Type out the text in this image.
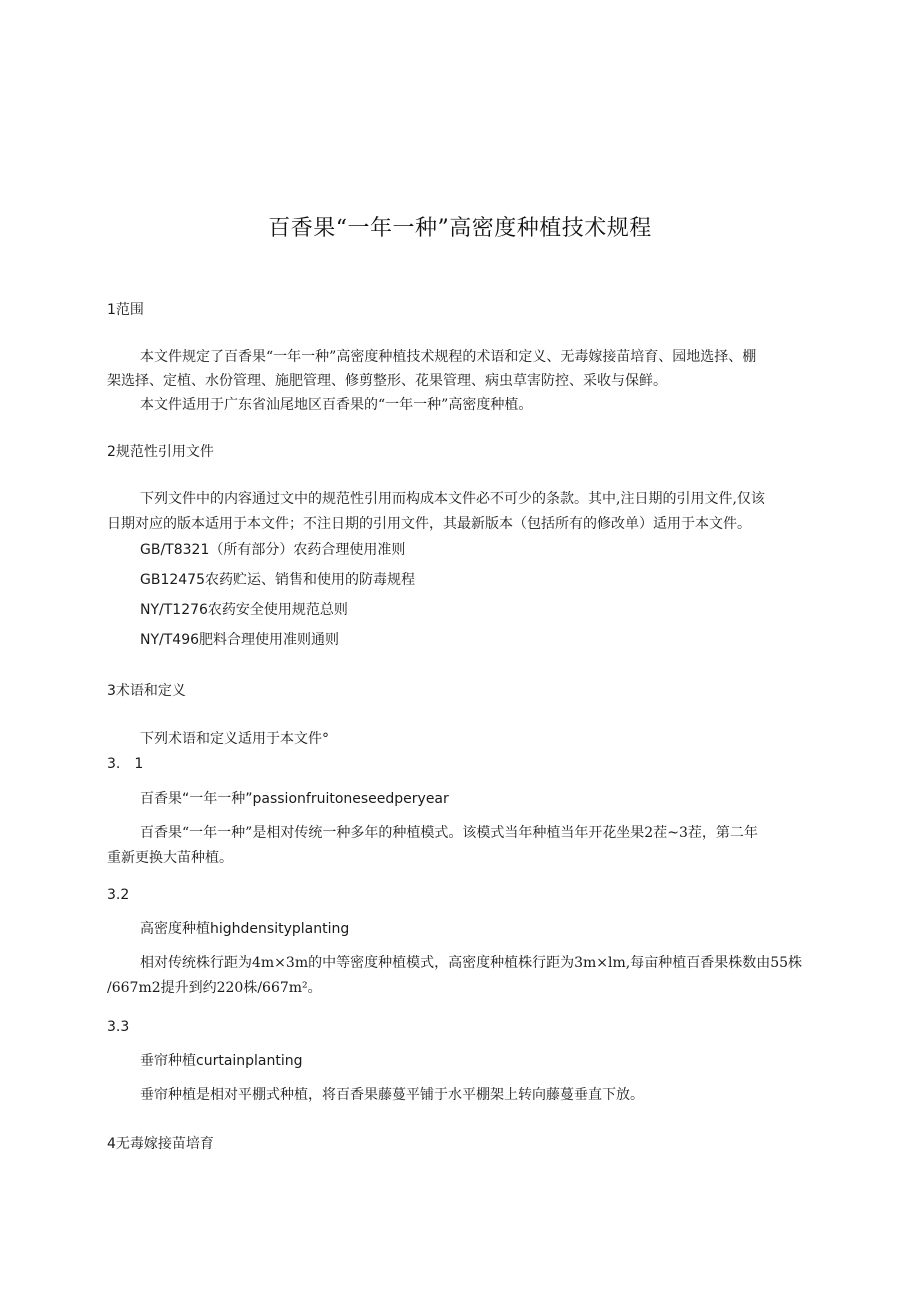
百香果“一年一种”高密度种植技术规程
1范围
本文件规定了百香果“一年一种”高密度种植技术规程的术语和定义、无毒嫁接苗培育、园地选择、棚
架选择、定植、水份管理、施肥管理、修剪整形、花果管理、病虫草害防控、采收与保鲜。
本文件适用于广东省汕尾地区百香果的“一年一种”高密度种植。
2规范性引用文件
下列文件中的内容通过文中的规范性引用而构成本文件必不可少的条款。其中,注日期的引用文件,仅该
日期对应的版本适用于本文件；不注日期的引用文件，其最新版本（包括所有的修改单）适用于本文件。
GB/T8321（所有部分）农药合理使用准则
GB12475农药贮运、销售和使用的防毒规程
NY/T1276农药安全使用规范总则
NY/T496肥料合理使用准则通则
3术语和定义
下列术语和定义适用于本文件°
3.　1
百香果“一年一种”passionfruitoneseedperyear
百香果“一年一种”是相对传统一种多年的种植模式。该模式当年种植当年开花坐果2茬~3茬，第二年
重新更换大苗种植。
3.2
高密度种植highdensityplanting
相对传统株行距为4m×3m的中等密度种植模式，高密度种植株行距为3m×lm,每亩种植百香果株数由55株
/667m2提升到约220株/667m²。
3.3
垂帘种植curtainplanting
垂帘种植是相对平棚式种植，将百香果藤蔓平铺于水平棚架上转向藤蔓垂直下放。
4无毒嫁接苗培育
